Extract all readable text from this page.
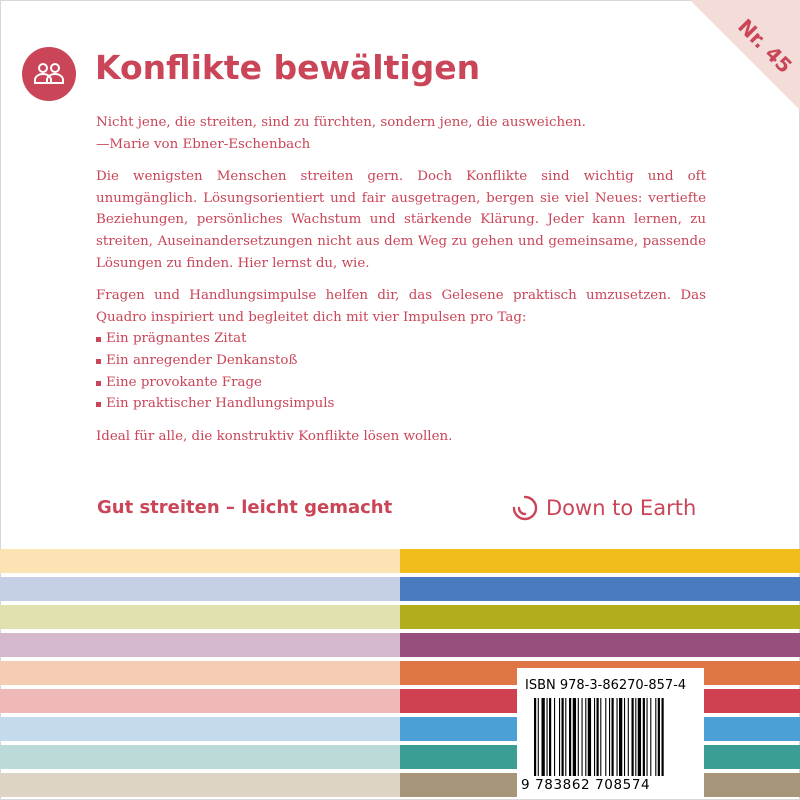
Nr. 45
Konflikte bewältigen

Nicht jene, die streiten, sind zu fürchten, sondern jene, die ausweichen.
—Marie von Ebner-Eschenbach

Die wenigsten Menschen streiten gern. Doch Konflikte sind wichtig und oft unumgänglich. Lösungsorientiert und fair ausgetragen, bergen sie viel Neues: vertiefte Beziehungen, persönliches Wachstum und stärkende Klärung. Jeder kann lernen, zu streiten, Auseinandersetzungen nicht aus dem Weg zu gehen und gemeinsame, passende Lösungen zu finden. Hier lernst du, wie.

Fragen und Handlungsimpulse helfen dir, das Gelesene praktisch umzusetzen. Das Quadro inspiriert und begleitet dich mit vier Impulsen pro Tag:

Ein prägnantes Zitat
Ein anregender Denkanstoß
Eine provokante Frage
Ein praktischer Handlungsimpuls

Ideal für alle, die konstruktiv Konflikte lösen wollen.

Gut streiten – leicht gemacht	Down to Earth
ISBN 978-3-86270-857-4
9 783862 708574
